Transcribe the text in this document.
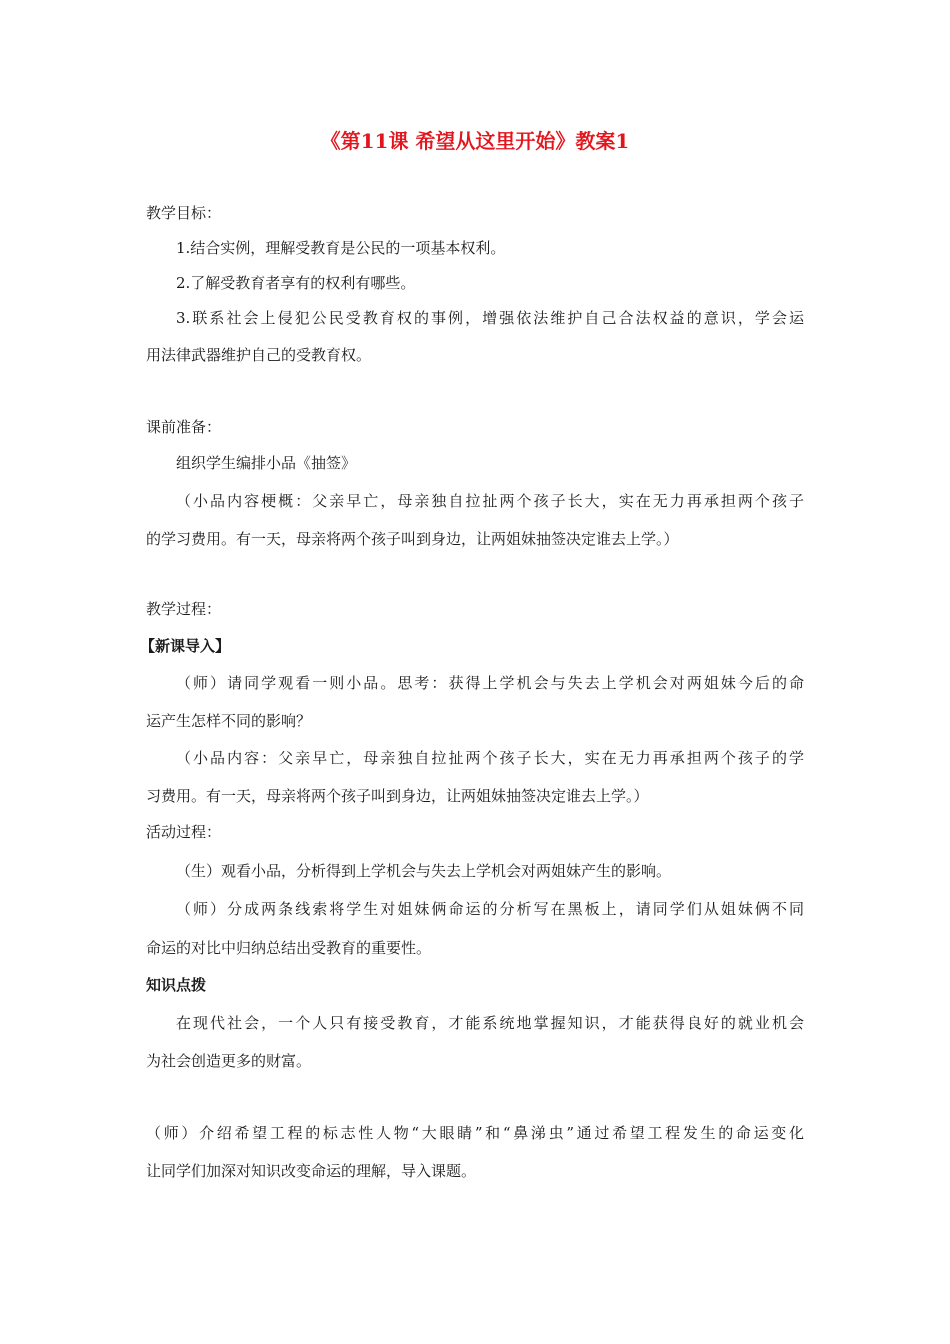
《第11课 希望从这里开始》教案1
教学目标：
1.结合实例，理解受教育是公民的一项基本权利。
2.了解受教育者享有的权利有哪些。
3.联系社会上侵犯公民受教育权的事例，增强依法维护自己合法权益的意识，学会运
用法律武器维护自己的受教育权。
课前准备：
组织学生编排小品《抽签》
（小品内容梗概：父亲早亡，母亲独自拉扯两个孩子长大，实在无力再承担两个孩子
的学习费用。有一天，母亲将两个孩子叫到身边，让两姐妹抽签决定谁去上学。）
教学过程：
【新课导入】
（师）请同学观看一则小品。思考：获得上学机会与失去上学机会对两姐妹今后的命
运产生怎样不同的影响？
（小品内容：父亲早亡，母亲独自拉扯两个孩子长大，实在无力再承担两个孩子的学
习费用。有一天，母亲将两个孩子叫到身边，让两姐妹抽签决定谁去上学。）
活动过程：
（生）观看小品，分析得到上学机会与失去上学机会对两姐妹产生的影响。
（师）分成两条线索将学生对姐妹俩命运的分析写在黑板上，请同学们从姐妹俩不同
命运的对比中归纳总结出受教育的重要性。
知识点拨
在现代社会，一个人只有接受教育，才能系统地掌握知识，才能获得良好的就业机会
为社会创造更多的财富。
（师）介绍希望工程的标志性人物“大眼睛”和“鼻涕虫”通过希望工程发生的命运变化
让同学们加深对知识改变命运的理解，导入课题。
